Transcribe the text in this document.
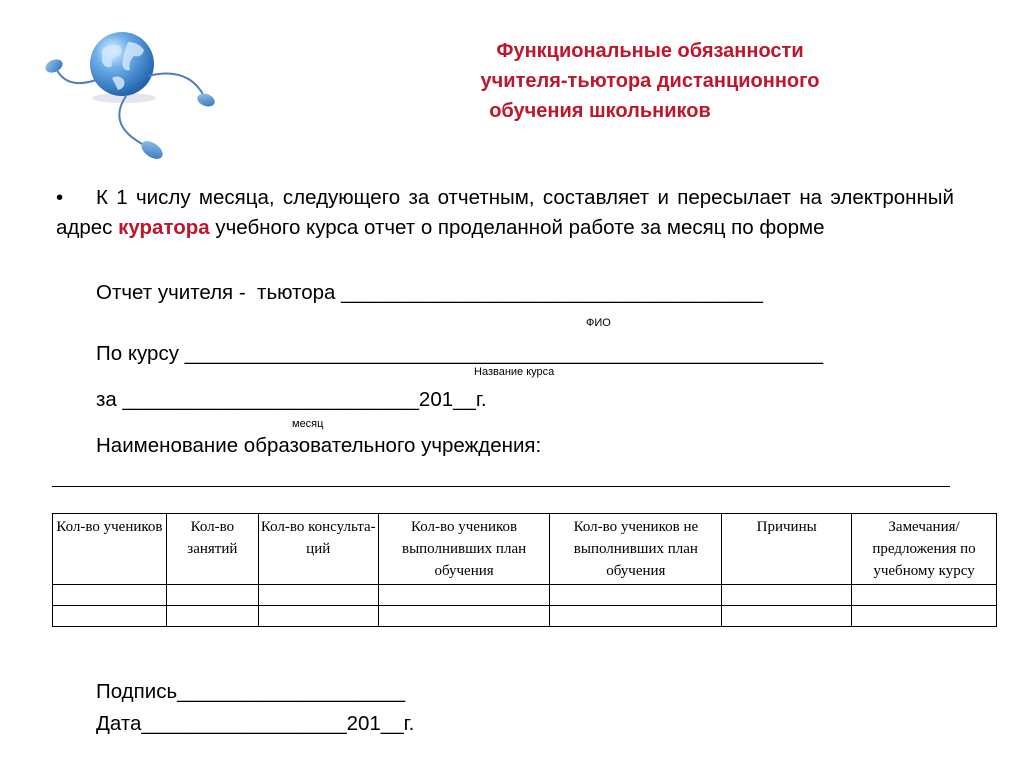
Функциональные обязанности
учителя-тьютора дистанционного
обучения школьников
• К 1 числу месяца, следующего за отчетным, составляет и пересылает на электронный адрес куратора учебного курса отчет о проделанной работе за месяц по форме
Отчет учителя -  тьютора _____________________________________
ФИО
По курсу ________________________________________________________
Название курса
за __________________________201__г.
месяц
Наименование образовательного учреждения:
Кол-во учеников	Кол-во занятий	Кол-во консульта-ций	Кол-во учеников выполнивших план обучения	Кол-во учеников не выполнивших план обучения	Причины	Замечания/ предложения по учебному курсу

Подпись____________________
Дата__________________201__г.
